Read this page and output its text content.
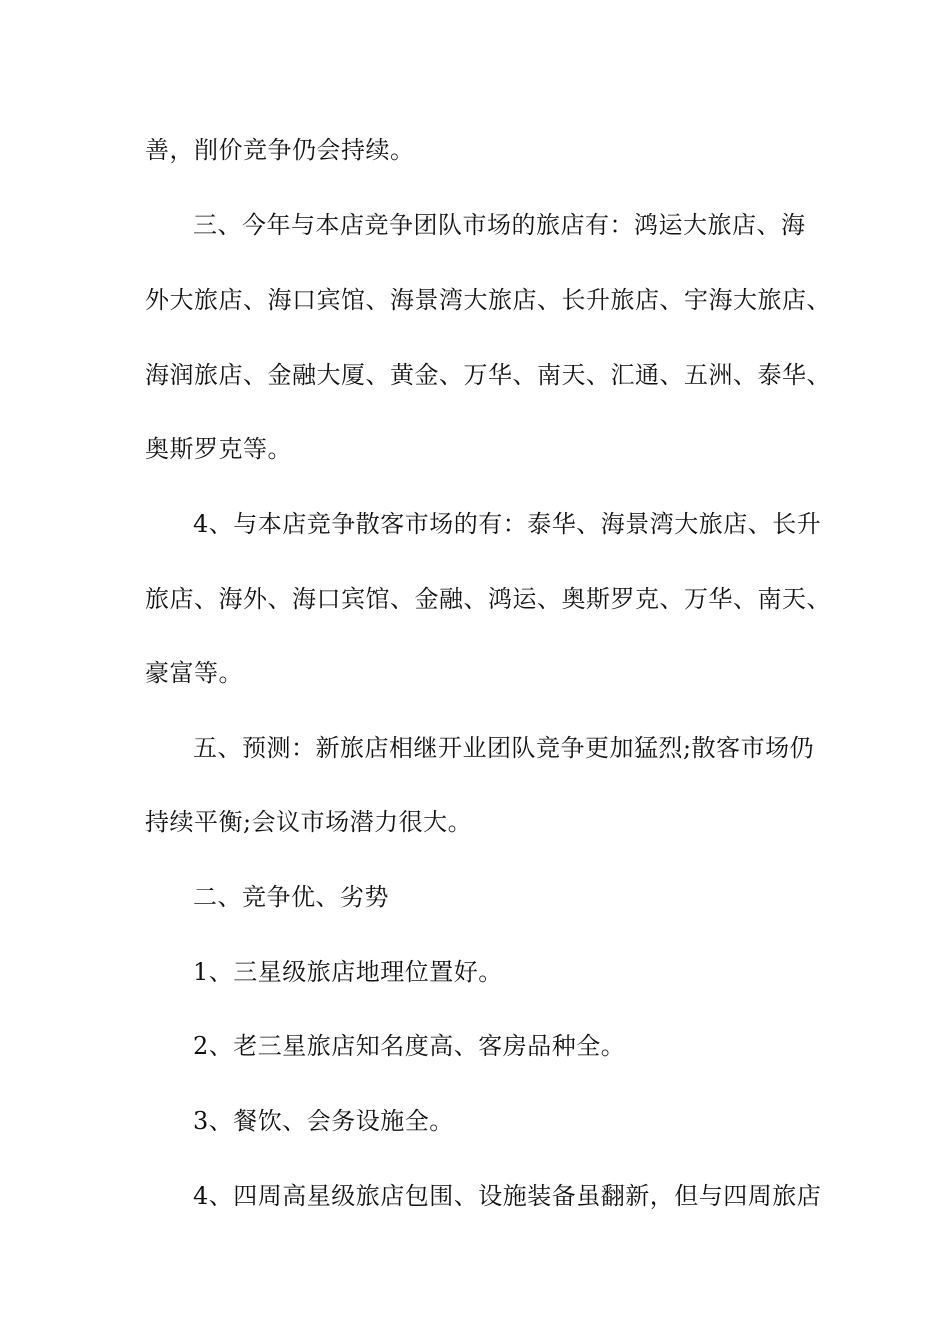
善，削价竞争仍会持续。
三、今年与本店竞争团队市场的旅店有：鸿运大旅店、海
外大旅店、海口宾馆、海景湾大旅店、长升旅店、宇海大旅店、
海润旅店、金融大厦、黄金、万华、南天、汇通、五洲、泰华、
奥斯罗克等。
4、与本店竞争散客市场的有：泰华、海景湾大旅店、长升
旅店、海外、海口宾馆、金融、鸿运、奥斯罗克、万华、南天、
豪富等。
五、预测：新旅店相继开业团队竞争更加猛烈;散客市场仍
持续平衡;会议市场潜力很大。
二、竞争优、劣势
1、三星级旅店地理位置好。
2、老三星旅店知名度高、客房品种全。
3、餐饮、会务设施全。
4、四周高星级旅店包围、设施装备虽翻新，但与四周旅店
